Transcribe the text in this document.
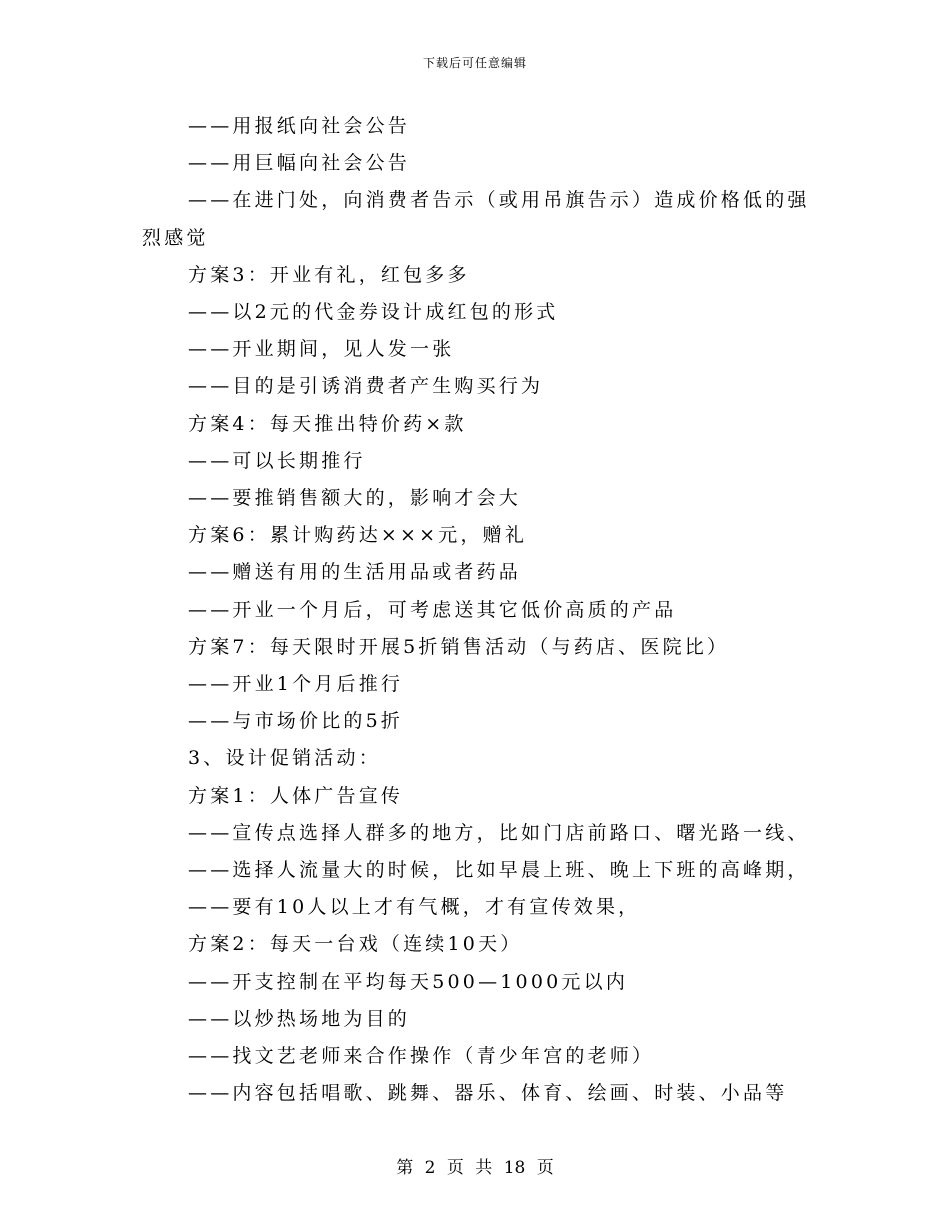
下载后可任意编辑

——用报纸向社会公告

——用巨幅向社会公告

——在进门处，向消费者告示（或用吊旗告示）造成价格低的强烈感觉

方案3：开业有礼，红包多多

——以2元的代金券设计成红包的形式

——开业期间，见人发一张

——目的是引诱消费者产生购买行为

方案4：每天推出特价药×款

——可以长期推行

——要推销售额大的，影响才会大

方案6：累计购药达×××元，赠礼

——赠送有用的生活用品或者药品

——开业一个月后，可考虑送其它低价高质的产品

方案7：每天限时开展5折销售活动（与药店、医院比）

——开业1个月后推行

——与市场价比的5折

3、设计促销活动：

方案1：人体广告宣传

——宣传点选择人群多的地方，比如门店前路口、曙光路一线、

——选择人流量大的时候，比如早晨上班、晚上下班的高峰期，

——要有10人以上才有气概，才有宣传效果，

方案2：每天一台戏（连续10天）

——开支控制在平均每天500—1000元以内

——以炒热场地为目的

——找文艺老师来合作操作（青少年宫的老师）

——内容包括唱歌、跳舞、器乐、体育、绘画、时装、小品等

第 2 页 共 18 页
